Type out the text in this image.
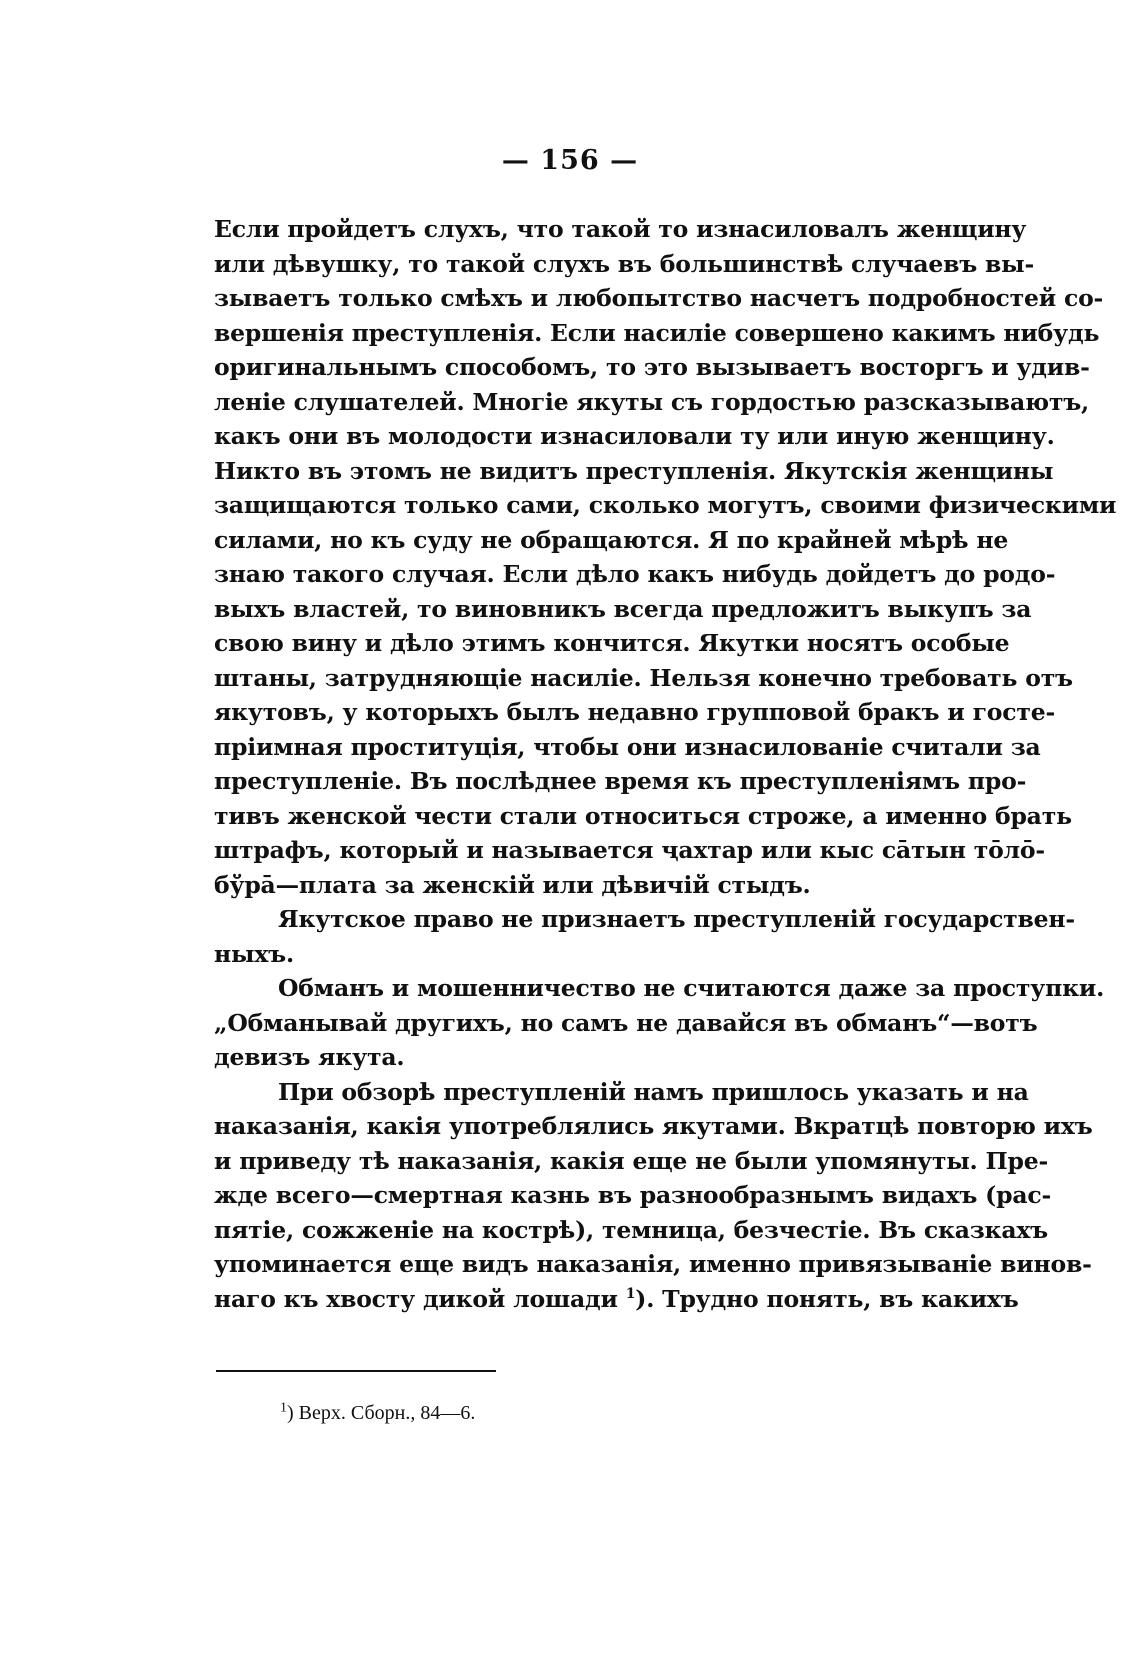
— 156 —
Если пройдетъ слухъ, что такой то изнасиловалъ женщину
или дѣвушку, то такой слухъ въ большинствѣ случаевъ вы-
зываетъ только смѣхъ и любопытство насчетъ подробностей со-
вершенія преступленія. Если насиліе совершено какимъ нибудь
оригинальнымъ способомъ, то это вызываетъ восторгъ и удив-
леніе слушателей. Многіе якуты съ гордостью разсказываютъ,
какъ они въ молодости изнасиловали ту или иную женщину.
Никто въ этомъ не видитъ преступленія. Якутскія женщины
защищаются только сами, сколько могутъ, своими физическими
силами, но къ суду не обращаются. Я по крайней мѣрѣ не
знаю такого случая. Если дѣло какъ нибудь дойдетъ до родо-
выхъ властей, то виновникъ всегда предложитъ выкупъ за
свою вину и дѣло этимъ кончится. Якутки носятъ особые
штаны, затрудняющіе насиліе. Нельзя конечно требовать отъ
якутовъ, у которыхъ былъ недавно групповой бракъ и госте-
пріимная проституція, чтобы они изнасилованіе считали за
преступленіе. Въ послѣднее время къ преступленіямъ про-
тивъ женской чести стали относиться строже, а именно брать
штрафъ, который и называется ҷахтар или кыс сāтын тōлō-
бўрā—плата за женскій или дѣвичій стыдъ.
Якутское право не признаетъ преступленій государствен-
ныхъ.
Обманъ и мошенничество не считаются даже за проступки.
„Обманывай другихъ, но самъ не давайся въ обманъ“—вотъ
девизъ якута.
При обзорѣ преступленій намъ пришлось указать и на
наказанія, какія употреблялись якутами. Вкратцѣ повторю ихъ
и приведу тѣ наказанія, какія еще не были упомянуты. Пре-
жде всего—смертная казнь въ разнообразнымъ видахъ (рас-
пятіе, сожженіе на кострѣ), темница, безчестіе. Въ сказкахъ
упоминается еще видъ наказанія, именно привязываніе винов-
наго къ хвосту дикой лошади $^1$). Трудно понять, въ какихъ
$^1$) Верх. Сборн., 84—6.
